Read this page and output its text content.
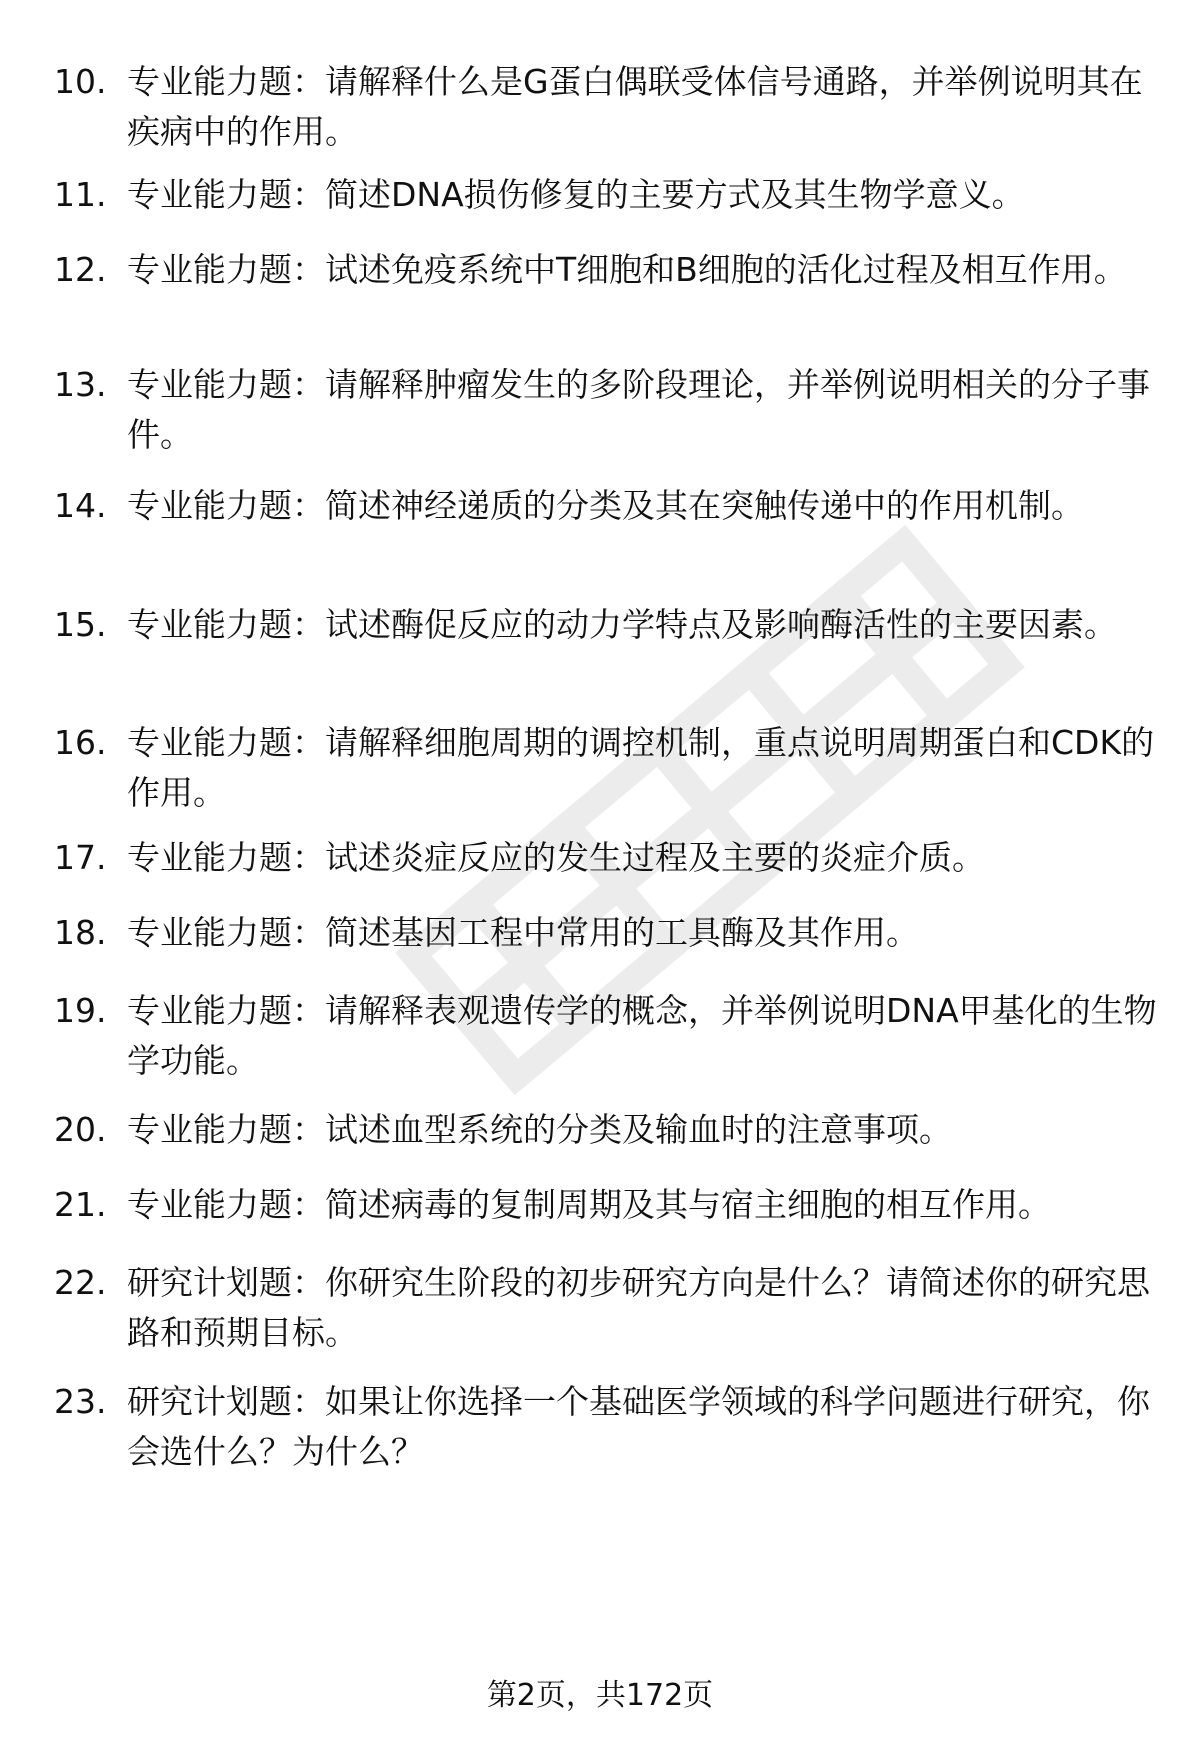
10. 专业能力题：请解释什么是G蛋白偶联受体信号通路，并举例说明其在疾病中的作用。
11. 专业能力题：简述DNA损伤修复的主要方式及其生物学意义。
12. 专业能力题：试述免疫系统中T细胞和B细胞的活化过程及相互作用。
13. 专业能力题：请解释肿瘤发生的多阶段理论，并举例说明相关的分子事件。
14. 专业能力题：简述神经递质的分类及其在突触传递中的作用机制。
15. 专业能力题：试述酶促反应的动力学特点及影响酶活性的主要因素。
16. 专业能力题：请解释细胞周期的调控机制，重点说明周期蛋白和CDK的作用。
17. 专业能力题：试述炎症反应的发生过程及主要的炎症介质。
18. 专业能力题：简述基因工程中常用的工具酶及其作用。
19. 专业能力题：请解释表观遗传学的概念，并举例说明DNA甲基化的生物学功能。
20. 专业能力题：试述血型系统的分类及输血时的注意事项。
21. 专业能力题：简述病毒的复制周期及其与宿主细胞的相互作用。
22. 研究计划题：你研究生阶段的初步研究方向是什么？请简述你的研究思路和预期目标。
23. 研究计划题：如果让你选择一个基础医学领域的科学问题进行研究，你会选什么？为什么？
第2页，共172页
